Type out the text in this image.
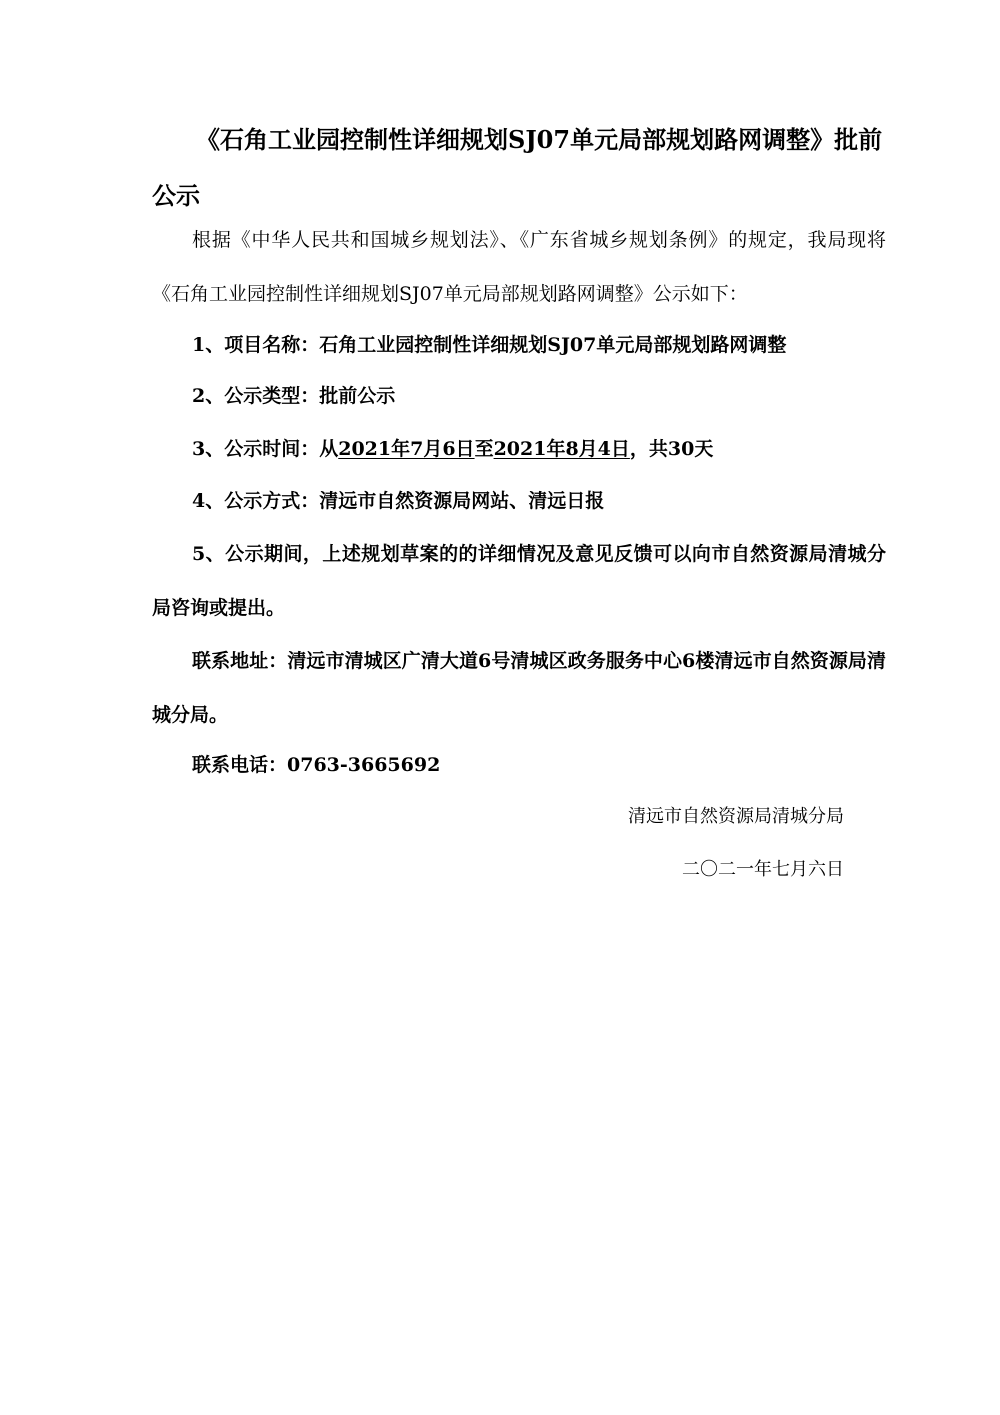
《石角工业园控制性详细规划SJ07单元局部规划路网调整》批前公示

根据《中华人民共和国城乡规划法》、《广东省城乡规划条例》的规定，我局现将《石角工业园控制性详细规划SJ07单元局部规划路网调整》公示如下：

1、项目名称：石角工业园控制性详细规划SJ07单元局部规划路网调整

2、公示类型：批前公示

3、公示时间：从2021年7月6日至2021年8月4日，共30天

4、公示方式：清远市自然资源局网站、清远日报

5、公示期间，上述规划草案的的详细情况及意见反馈可以向市自然资源局清城分局咨询或提出。

联系地址：清远市清城区广清大道6号清城区政务服务中心6楼清远市自然资源局清城分局。

联系电话：0763-3665692

清远市自然资源局清城分局
二〇二一年七月六日
